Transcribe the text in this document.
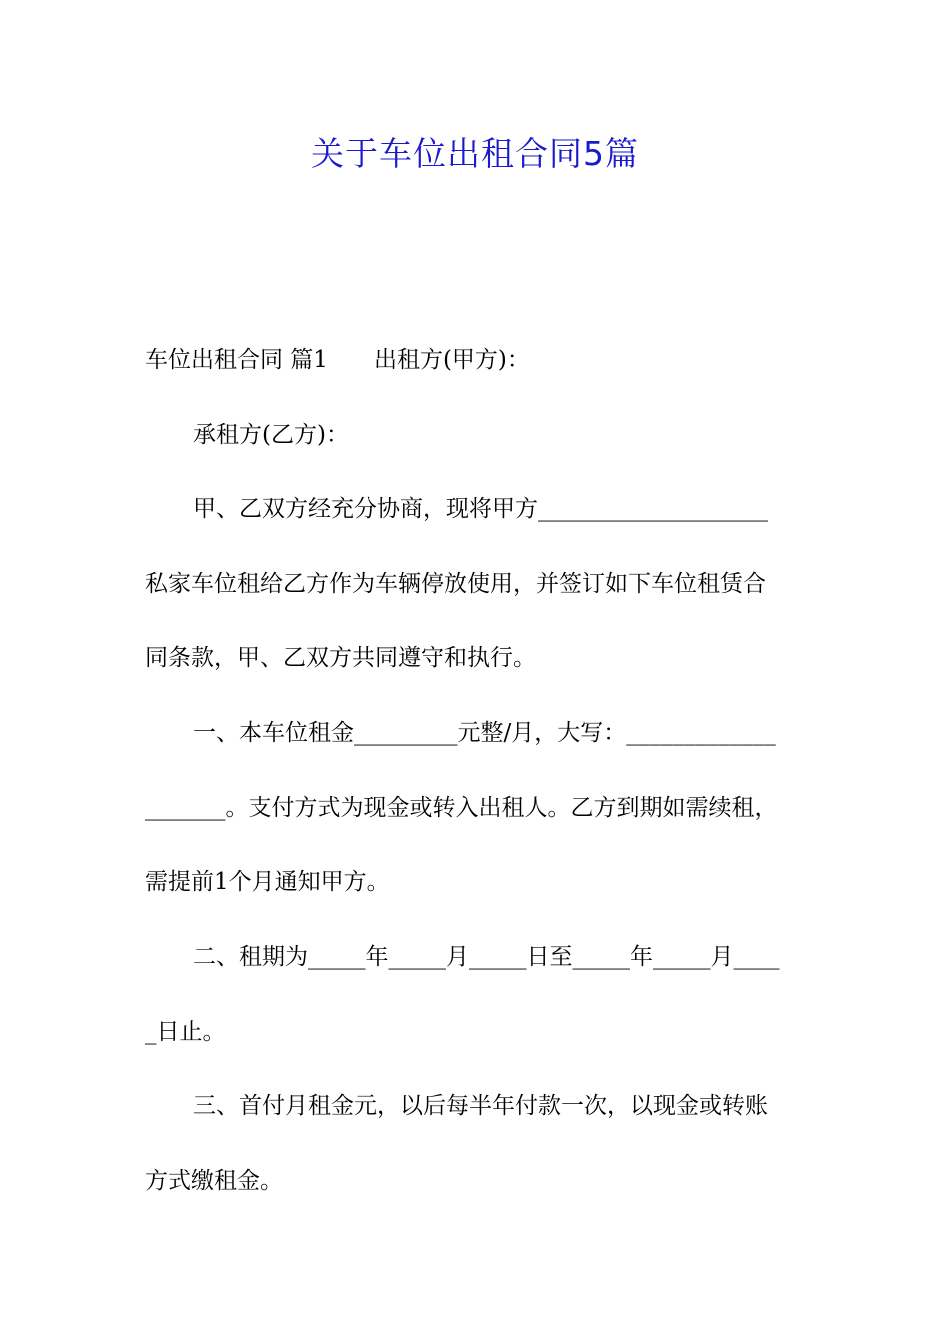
关于车位出租合同5篇
车位出租合同 篇1 出租方(甲方)：
承租方(乙方)：
甲、乙双方经充分协商，现将甲方____________________
私家车位租给乙方作为车辆停放使用，并签订如下车位租赁合
同条款，甲、乙双方共同遵守和执行。
一、本车位租金_________元整/月，大写：_____________
_______。支付方式为现金或转入出租人。乙方到期如需续租，
需提前1个月通知甲方。
二、租期为_____年_____月_____日至_____年_____月____
_日止。
三、首付月租金元，以后每半年付款一次，以现金或转账
方式缴租金。
